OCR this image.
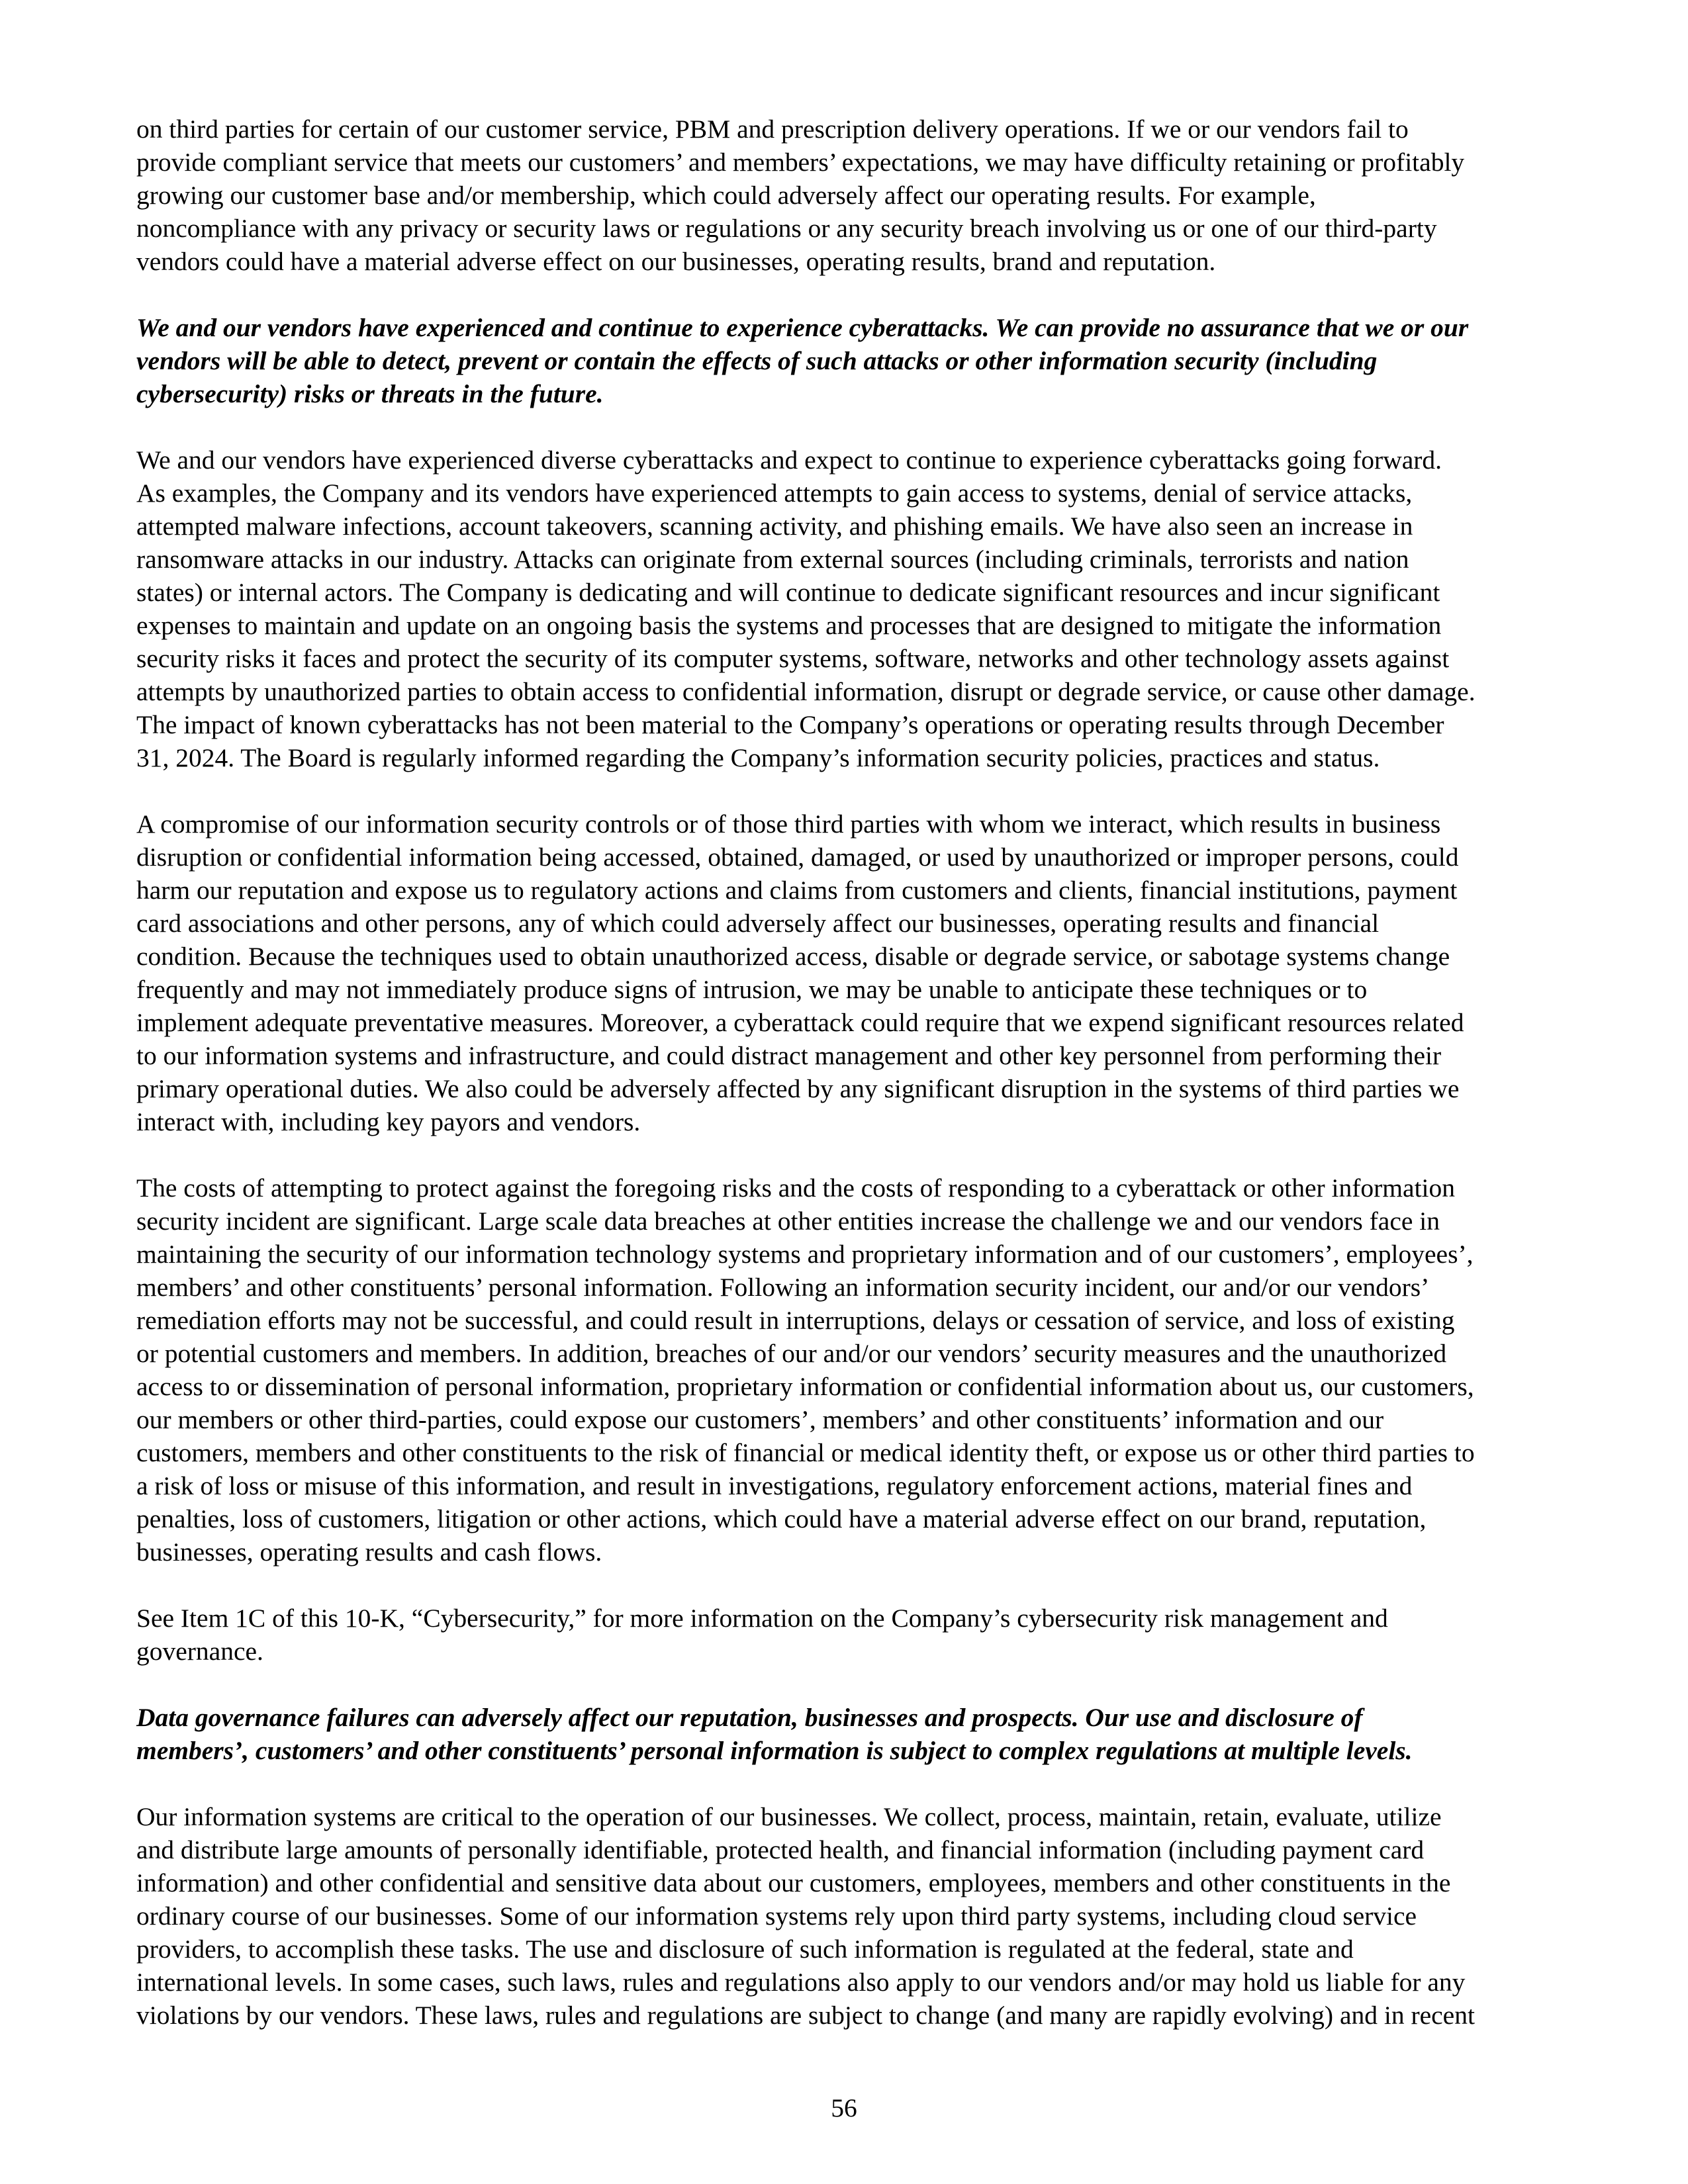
on third parties for certain of our customer service, PBM and prescription delivery operations. If we or our vendors fail to
provide compliant service that meets our customers’ and members’ expectations, we may have difficulty retaining or profitably
growing our customer base and/or membership, which could adversely affect our operating results. For example,
noncompliance with any privacy or security laws or regulations or any security breach involving us or one of our third-party
vendors could have a material adverse effect on our businesses, operating results, brand and reputation.
We and our vendors have experienced and continue to experience cyberattacks. We can provide no assurance that we or our
vendors will be able to detect, prevent or contain the effects of such attacks or other information security (including
cybersecurity) risks or threats in the future.
We and our vendors have experienced diverse cyberattacks and expect to continue to experience cyberattacks going forward.
As examples, the Company and its vendors have experienced attempts to gain access to systems, denial of service attacks,
attempted malware infections, account takeovers, scanning activity, and phishing emails. We have also seen an increase in
ransomware attacks in our industry. Attacks can originate from external sources (including criminals, terrorists and nation
states) or internal actors. The Company is dedicating and will continue to dedicate significant resources and incur significant
expenses to maintain and update on an ongoing basis the systems and processes that are designed to mitigate the information
security risks it faces and protect the security of its computer systems, software, networks and other technology assets against
attempts by unauthorized parties to obtain access to confidential information, disrupt or degrade service, or cause other damage.
The impact of known cyberattacks has not been material to the Company’s operations or operating results through December
31, 2024. The Board is regularly informed regarding the Company’s information security policies, practices and status.
A compromise of our information security controls or of those third parties with whom we interact, which results in business
disruption or confidential information being accessed, obtained, damaged, or used by unauthorized or improper persons, could
harm our reputation and expose us to regulatory actions and claims from customers and clients, financial institutions, payment
card associations and other persons, any of which could adversely affect our businesses, operating results and financial
condition. Because the techniques used to obtain unauthorized access, disable or degrade service, or sabotage systems change
frequently and may not immediately produce signs of intrusion, we may be unable to anticipate these techniques or to
implement adequate preventative measures. Moreover, a cyberattack could require that we expend significant resources related
to our information systems and infrastructure, and could distract management and other key personnel from performing their
primary operational duties. We also could be adversely affected by any significant disruption in the systems of third parties we
interact with, including key payors and vendors.
The costs of attempting to protect against the foregoing risks and the costs of responding to a cyberattack or other information
security incident are significant. Large scale data breaches at other entities increase the challenge we and our vendors face in
maintaining the security of our information technology systems and proprietary information and of our customers’, employees’,
members’ and other constituents’ personal information. Following an information security incident, our and/or our vendors’
remediation efforts may not be successful, and could result in interruptions, delays or cessation of service, and loss of existing
or potential customers and members. In addition, breaches of our and/or our vendors’ security measures and the unauthorized
access to or dissemination of personal information, proprietary information or confidential information about us, our customers,
our members or other third-parties, could expose our customers’, members’ and other constituents’ information and our
customers, members and other constituents to the risk of financial or medical identity theft, or expose us or other third parties to
a risk of loss or misuse of this information, and result in investigations, regulatory enforcement actions, material fines and
penalties, loss of customers, litigation or other actions, which could have a material adverse effect on our brand, reputation,
businesses, operating results and cash flows.
See Item 1C of this 10-K, “Cybersecurity,” for more information on the Company’s cybersecurity risk management and
governance.
Data governance failures can adversely affect our reputation, businesses and prospects. Our use and disclosure of
members’, customers’ and other constituents’ personal information is subject to complex regulations at multiple levels.
Our information systems are critical to the operation of our businesses. We collect, process, maintain, retain, evaluate, utilize
and distribute large amounts of personally identifiable, protected health, and financial information (including payment card
information) and other confidential and sensitive data about our customers, employees, members and other constituents in the
ordinary course of our businesses. Some of our information systems rely upon third party systems, including cloud service
providers, to accomplish these tasks. The use and disclosure of such information is regulated at the federal, state and
international levels. In some cases, such laws, rules and regulations also apply to our vendors and/or may hold us liable for any
violations by our vendors. These laws, rules and regulations are subject to change (and many are rapidly evolving) and in recent
56
